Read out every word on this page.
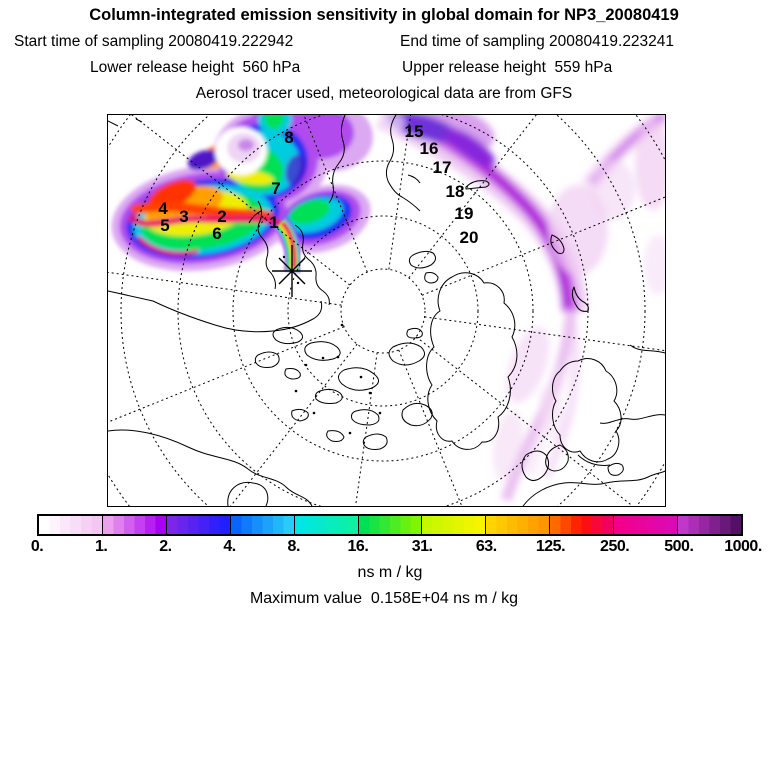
Column-integrated emission sensitivity in global domain for NP3_20080419
Start time of sampling 20080419.222942	End time of sampling 20080419.223241
Lower release height  560 hPa	Upper release height  559 hPa
Aerosol tracer used, meteorological data are from GFS
1
2
3
4
5	6
7
8	15
16
17
18
19
20
0.	1.	2.	4.	8.	16.	31.	63. 125. 250. 500. 1000.
ns m / kg
Maximum value  0.158E+04 ns m / kg
